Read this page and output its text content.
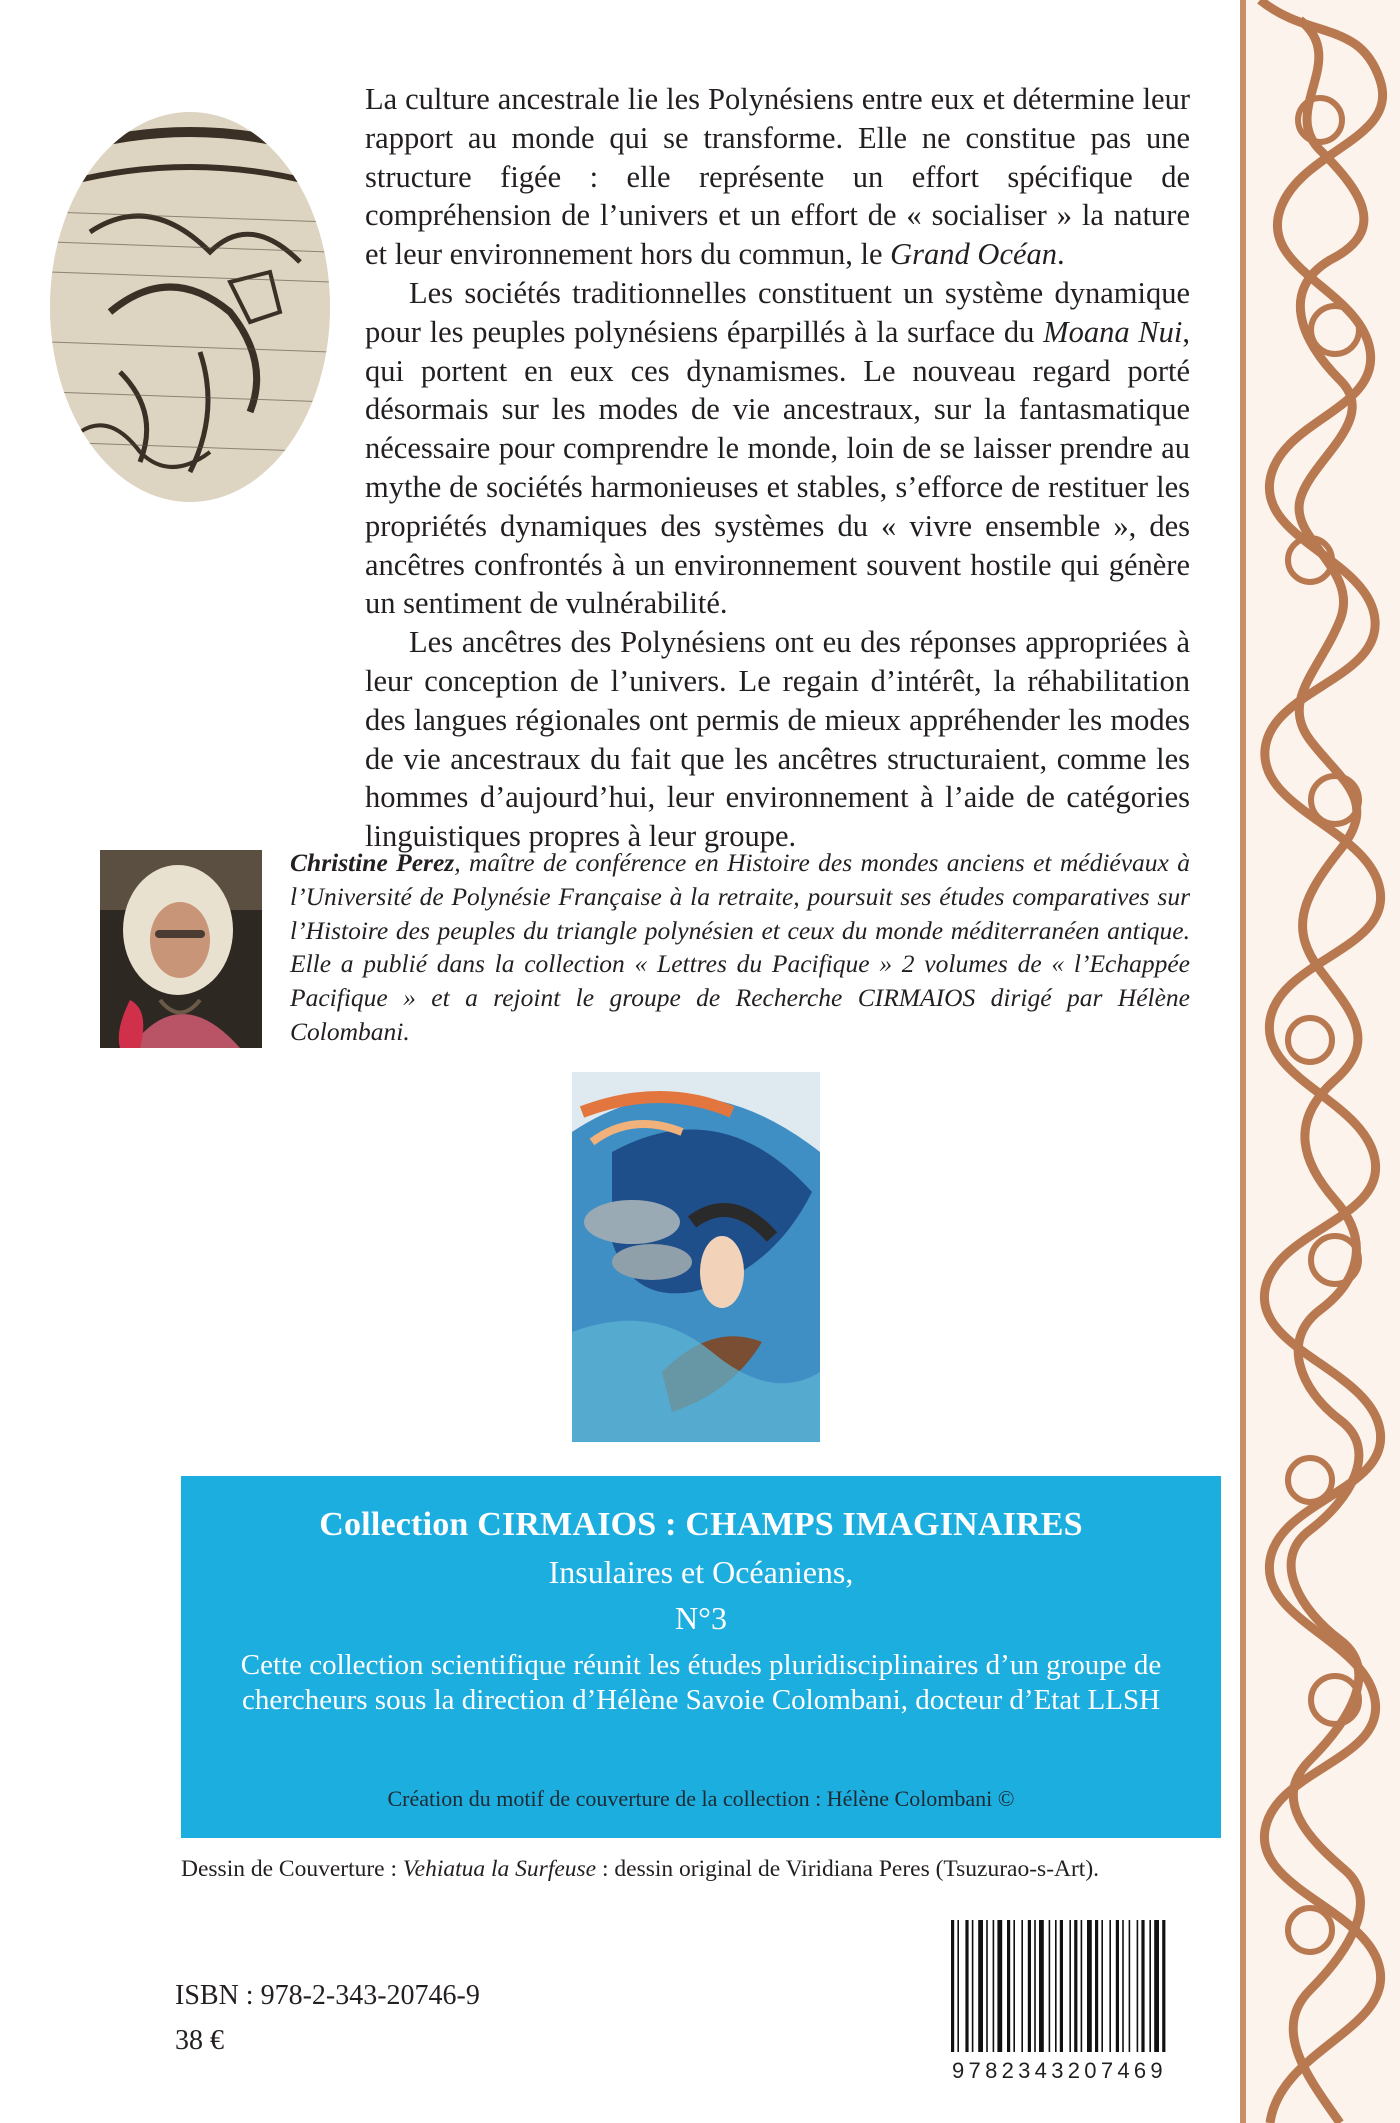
La culture ancestrale lie les Polynésiens entre eux et détermine leur rapport au monde qui se transforme. Elle ne constitue pas une structure figée : elle représente un effort spécifique de compréhension de l’univers et un effort de « socialiser » la nature et leur environnement hors du commun, le Grand Océan.

Les sociétés traditionnelles constituent un système dynamique pour les peuples polynésiens éparpillés à la surface du Moana Nui, qui portent en eux ces dynamismes. Le nouveau regard porté désormais sur les modes de vie ancestraux, sur la fantasmatique nécessaire pour comprendre le monde, loin de se laisser prendre au mythe de sociétés harmonieuses et stables, s’efforce de restituer les propriétés dynamiques des systèmes du « vivre ensemble », des ancêtres confrontés à un environnement souvent hostile qui génère un sentiment de vulnérabilité.

Les ancêtres des Polynésiens ont eu des réponses appropriées à leur conception de l’univers. Le regain d’intérêt, la réhabilitation des langues régionales ont permis de mieux appréhender les modes de vie ancestraux du fait que les ancêtres structuraient, comme les hommes d’aujourd’hui, leur environnement à l’aide de catégories linguistiques propres à leur groupe.

Christine Perez, maître de conférence en Histoire des mondes anciens et médiévaux à l’Université de Polynésie Française à la retraite, poursuit ses études comparatives sur l’Histoire des peuples du triangle polynésien et ceux du monde méditerranéen antique. Elle a publié dans la collection « Lettres du Pacifique » 2 volumes de « l’Echappée Pacifique » et a rejoint le groupe de Recherche CIRMAIOS dirigé par Hélène Colombani.
Collection CIRMAIOS : CHAMPS IMAGINAIRES
Insulaires et Océaniens,
N°3
Cette collection scientifique réunit les études pluridisciplinaires d’un groupe de chercheurs sous la direction d’Hélène Savoie Colombani, docteur d’Etat LLSH
Création du motif de couverture de la collection : Hélène Colombani ©
Dessin de Couverture : Vehiatua la Surfeuse : dessin original de Viridiana Peres (Tsuzurao-s-Art).
ISBN : 978-2-343-20746-9
38 €
9782343207469
